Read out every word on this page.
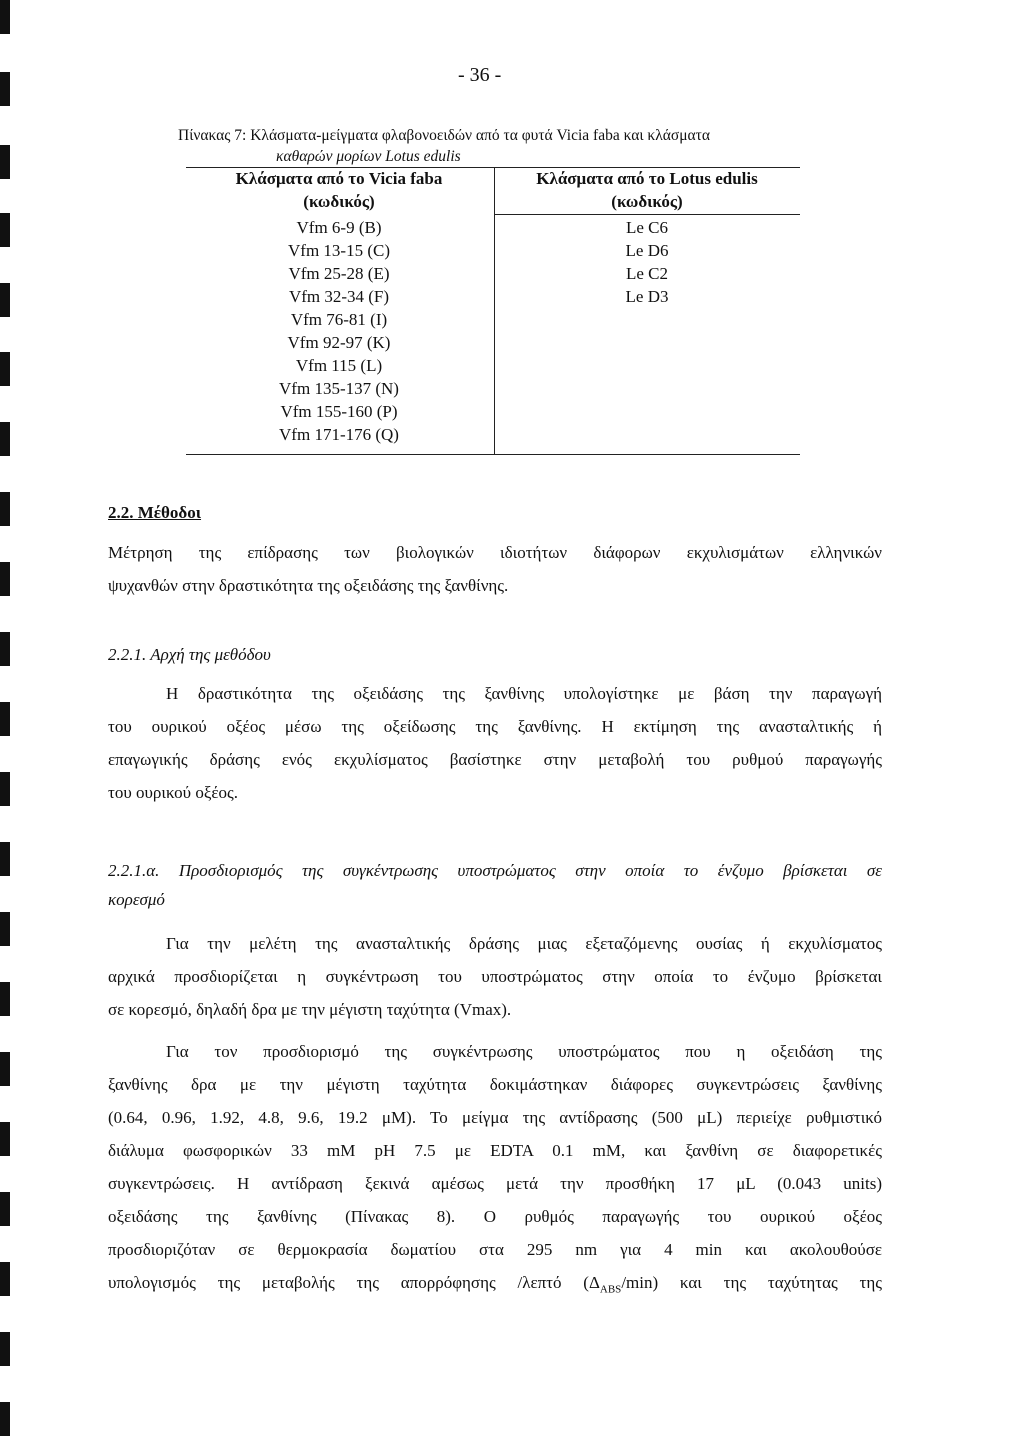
- 36 -
Πίνακας 7: Κλάσματα-μείγματα φλαβονοειδών από τα φυτά Vicia faba και κλάσματα
καθαρών μορίων Lotus edulis
Κλάσματα από το Vicia faba
(κωδικός)
Κλάσματα από το Lotus edulis
(κωδικός)
Vfm 6-9 (B)
Vfm 13-15 (C)
Vfm 25-28 (E)
Vfm 32-34 (F)
Vfm 76-81 (I)
Vfm 92-97 (K)
Vfm 115 (L)
Vfm 135-137 (N)
Vfm 155-160 (P)
Vfm 171-176 (Q)
Le C6
Le D6
Le C2
Le D3
2.2. Μέθοδοι
Μέτρηση της επίδρασης των βιολογικών ιδιοτήτων διάφορων εκχυλισμάτων ελληνικών
ψυχανθών στην δραστικότητα της οξειδάσης της ξανθίνης.
2.2.1. Αρχή της μεθόδου
Η δραστικότητα της οξειδάσης της ξανθίνης υπολογίστηκε με βάση την παραγωγή
του ουρικού οξέος μέσω της οξείδωσης της ξανθίνης. Η εκτίμηση της ανασταλτικής ή
επαγωγικής δράσης ενός εκχυλίσματος βασίστηκε στην μεταβολή του ρυθμού παραγωγής
του ουρικού οξέος.
2.2.1.α. Προσδιορισμός της συγκέντρωσης υποστρώματος στην οποία το ένζυμο βρίσκεται σε
κορεσμό
Για την μελέτη της ανασταλτικής δράσης μιας εξεταζόμενης ουσίας ή εκχυλίσματος
αρχικά προσδιορίζεται η συγκέντρωση του υποστρώματος στην οποία το ένζυμο βρίσκεται
σε κορεσμό, δηλαδή δρα με την μέγιστη ταχύτητα (Vmax).
Για τον προσδιορισμό της συγκέντρωσης υποστρώματος που η οξειδάση της
ξανθίνης δρα με την μέγιστη ταχύτητα δοκιμάστηκαν διάφορες συγκεντρώσεις ξανθίνης
(0.64, 0.96, 1.92, 4.8, 9.6, 19.2 μΜ). Το μείγμα της αντίδρασης (500 μL) περιείχε ρυθμιστικό
διάλυμα φωσφορικών 33 mM pH 7.5 με EDTA 0.1 mM, και ξανθίνη σε διαφορετικές
συγκεντρώσεις. Η αντίδραση ξεκινά αμέσως μετά την προσθήκη 17 μL (0.043 units)
οξειδάσης της ξανθίνης (Πίνακας 8). Ο ρυθμός παραγωγής του ουρικού οξέος
προσδιοριζόταν σε θερμοκρασία δωματίου στα 295 nm για 4 min και ακολουθούσε
υπολογισμός της μεταβολής της απορρόφησης /λεπτό $(\Delta_{ABS}/\min)$ και της ταχύτητας της
